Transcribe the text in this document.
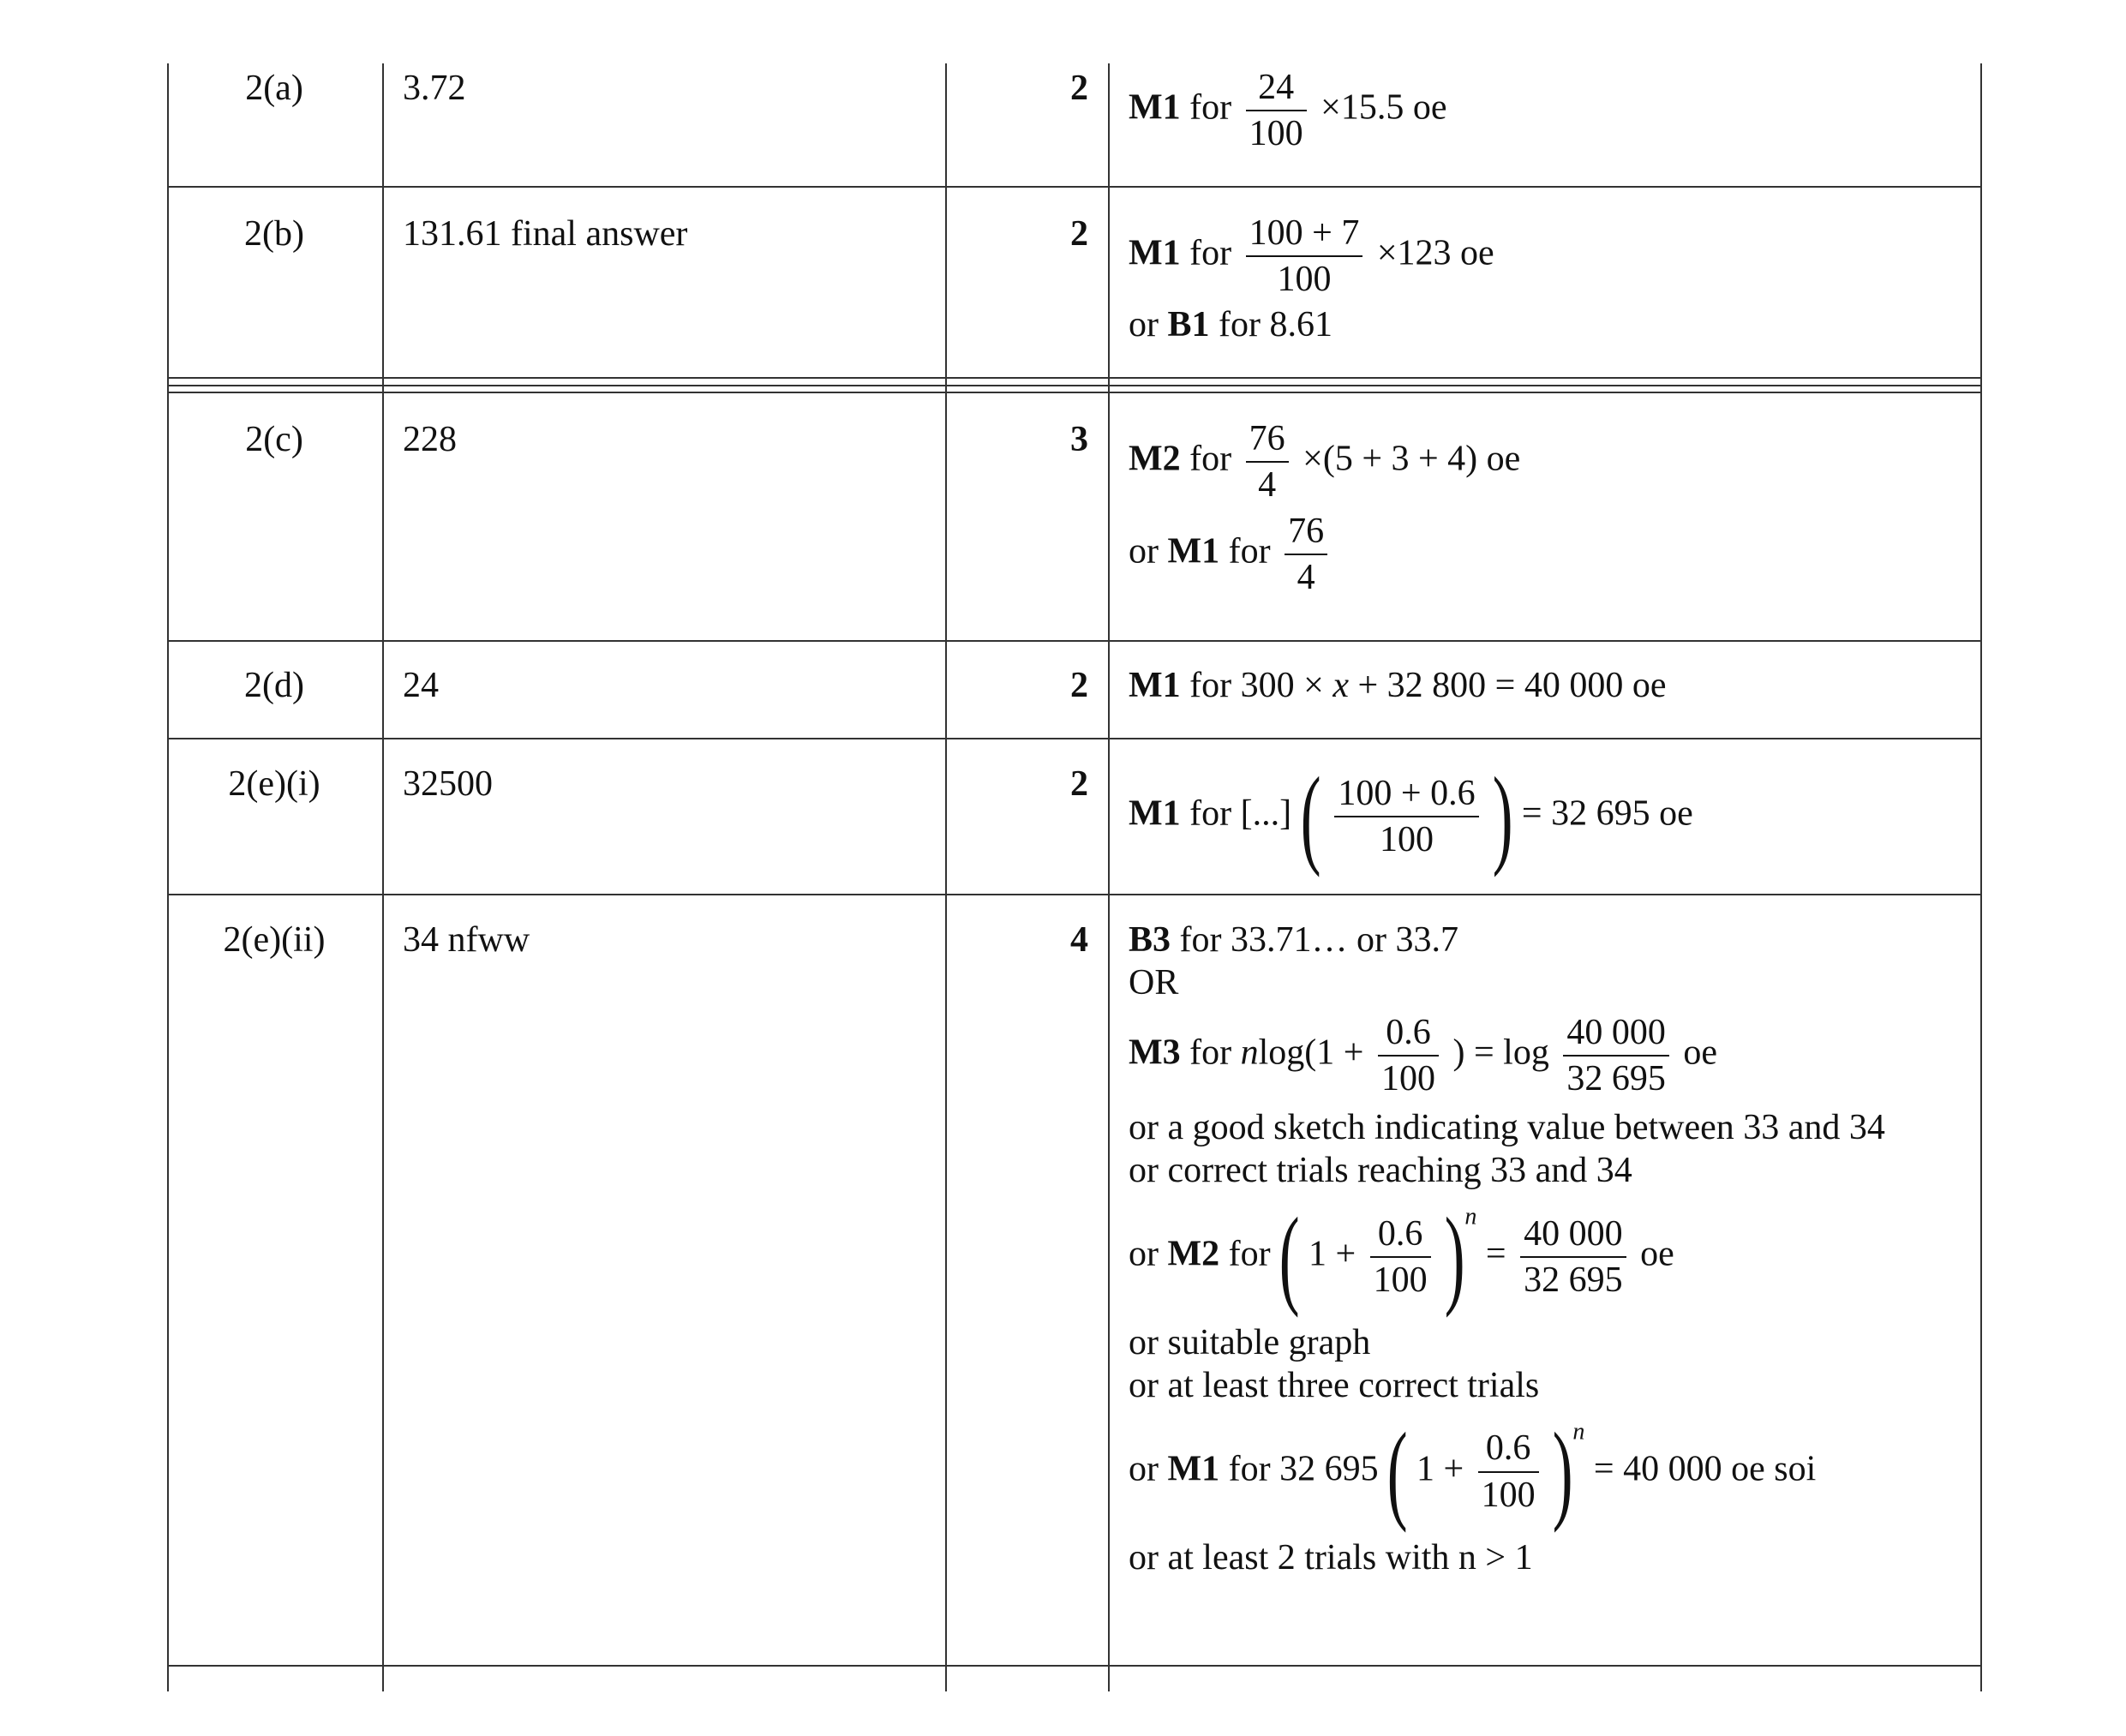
2(a)	3.72	2 M1 for $\frac{24}{100} \times 15.5$ oe
2(b)	131.61 final answer	2 M1 for $\frac{100 + 7}{100} \times 123$ oe
or B1 for 8.61
2(c)	228	3 M2 for $\frac{76}{4} \times(5 + 3 + 4)$ oe
or M1 for $\frac{76}{4}$
2(d)	24	2 M1 for 300 × x + 32 800 = 40 000 oe
2(e)(i)	32500	2
M1 for [...] ( $\frac{100 + 0.6}{100}$ ) = 32 695 oe
2(e)(ii)	34 nfww	4 B3 for 33.71… or 33.7
OR
M3 for $nlog(1 + \frac{0.6}{100}$ ) = $\log \frac{40 000}{32 695}$ oe
or a good sketch indicating value between 33 and 34
or correct trials reaching 33 and 34
or M2 for ( $1 + \frac{0.6}{100} )^n = \frac{40 000}{32 695}$ oe
or suitable graph
or at least three correct trials
or M1 for 32 695 ( $1 + \frac{0.6}{100} )^n = 40$ 000 oe soi
or at least 2 trials with n > 1
